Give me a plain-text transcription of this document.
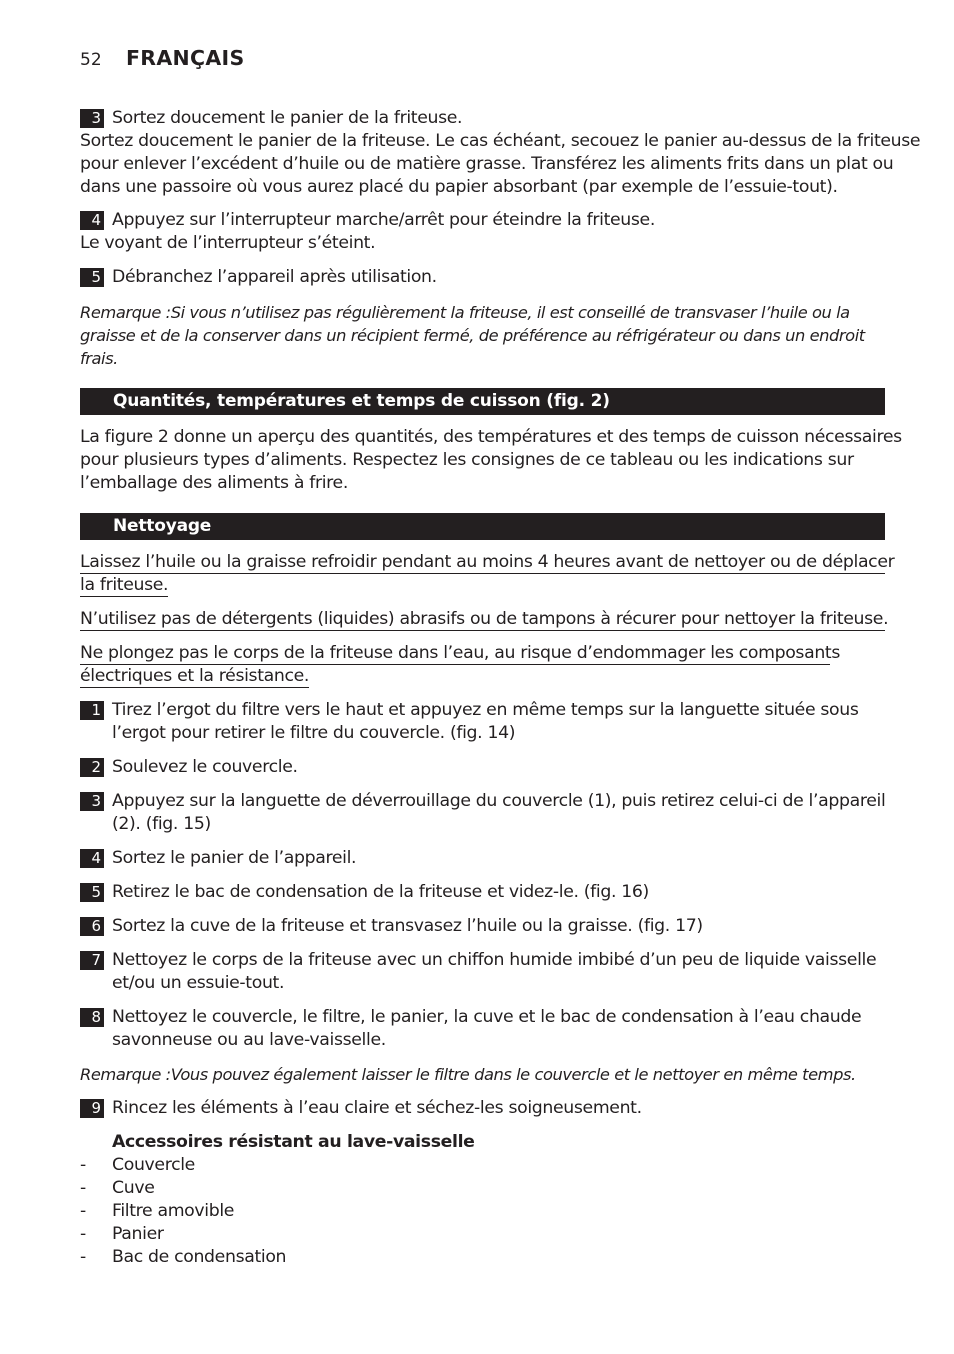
52 FRANÇAIS
3 Sortez doucement le panier de la friteuse.
Sortez doucement le panier de la friteuse. Le cas échéant, secouez le panier au-dessus de la friteuse
pour enlever l’excédent d’huile ou de matière grasse. Transférez les aliments frits dans un plat ou
dans une passoire où vous aurez placé du papier absorbant (par exemple de l’essuie-tout).
4 Appuyez sur l’interrupteur marche/arrêt pour éteindre la friteuse.
Le voyant de l’interrupteur s’éteint.
5 Débranchez l’appareil après utilisation.
Remarque :Si vous n’utilisez pas régulièrement la friteuse, il est conseillé de transvaser l’huile ou la
graisse et de la conserver dans un récipient fermé, de préférence au réfrigérateur ou dans un endroit
frais.
Quantités, températures et temps de cuisson (fig. 2)
La figure 2 donne un aperçu des quantités, des températures et des temps de cuisson nécessaires
pour plusieurs types d’aliments. Respectez les consignes de ce tableau ou les indications sur
l’emballage des aliments à frire.
Nettoyage
Laissez l’huile ou la graisse refroidir pendant au moins 4 heures avant de nettoyer ou de déplacer
la friteuse.
N’utilisez pas de détergents (liquides) abrasifs ou de tampons à récurer pour nettoyer la friteuse.
Ne plongez pas le corps de la friteuse dans l’eau, au risque d’endommager les composants
électriques et la résistance.
1 Tirez l’ergot du filtre vers le haut et appuyez en même temps sur la languette située sous
l’ergot pour retirer le filtre du couvercle. (fig. 14)
2 Soulevez le couvercle.
3 Appuyez sur la languette de déverrouillage du couvercle (1), puis retirez celui-ci de l’appareil
(2). (fig. 15)
4 Sortez le panier de l’appareil.
5 Retirez le bac de condensation de la friteuse et videz-le. (fig. 16)
6 Sortez la cuve de la friteuse et transvasez l’huile ou la graisse. (fig. 17)
7 Nettoyez le corps de la friteuse avec un chiffon humide imbibé d’un peu de liquide vaisselle
et/ou un essuie-tout.
8 Nettoyez le couvercle, le filtre, le panier, la cuve et le bac de condensation à l’eau chaude
savonneuse ou au lave-vaisselle.
Remarque :Vous pouvez également laisser le filtre dans le couvercle et le nettoyer en même temps.
9 Rincez les éléments à l’eau claire et séchez-les soigneusement.
Accessoires résistant au lave-vaisselle
- Couvercle
- Cuve
- Filtre amovible
- Panier
- Bac de condensation
